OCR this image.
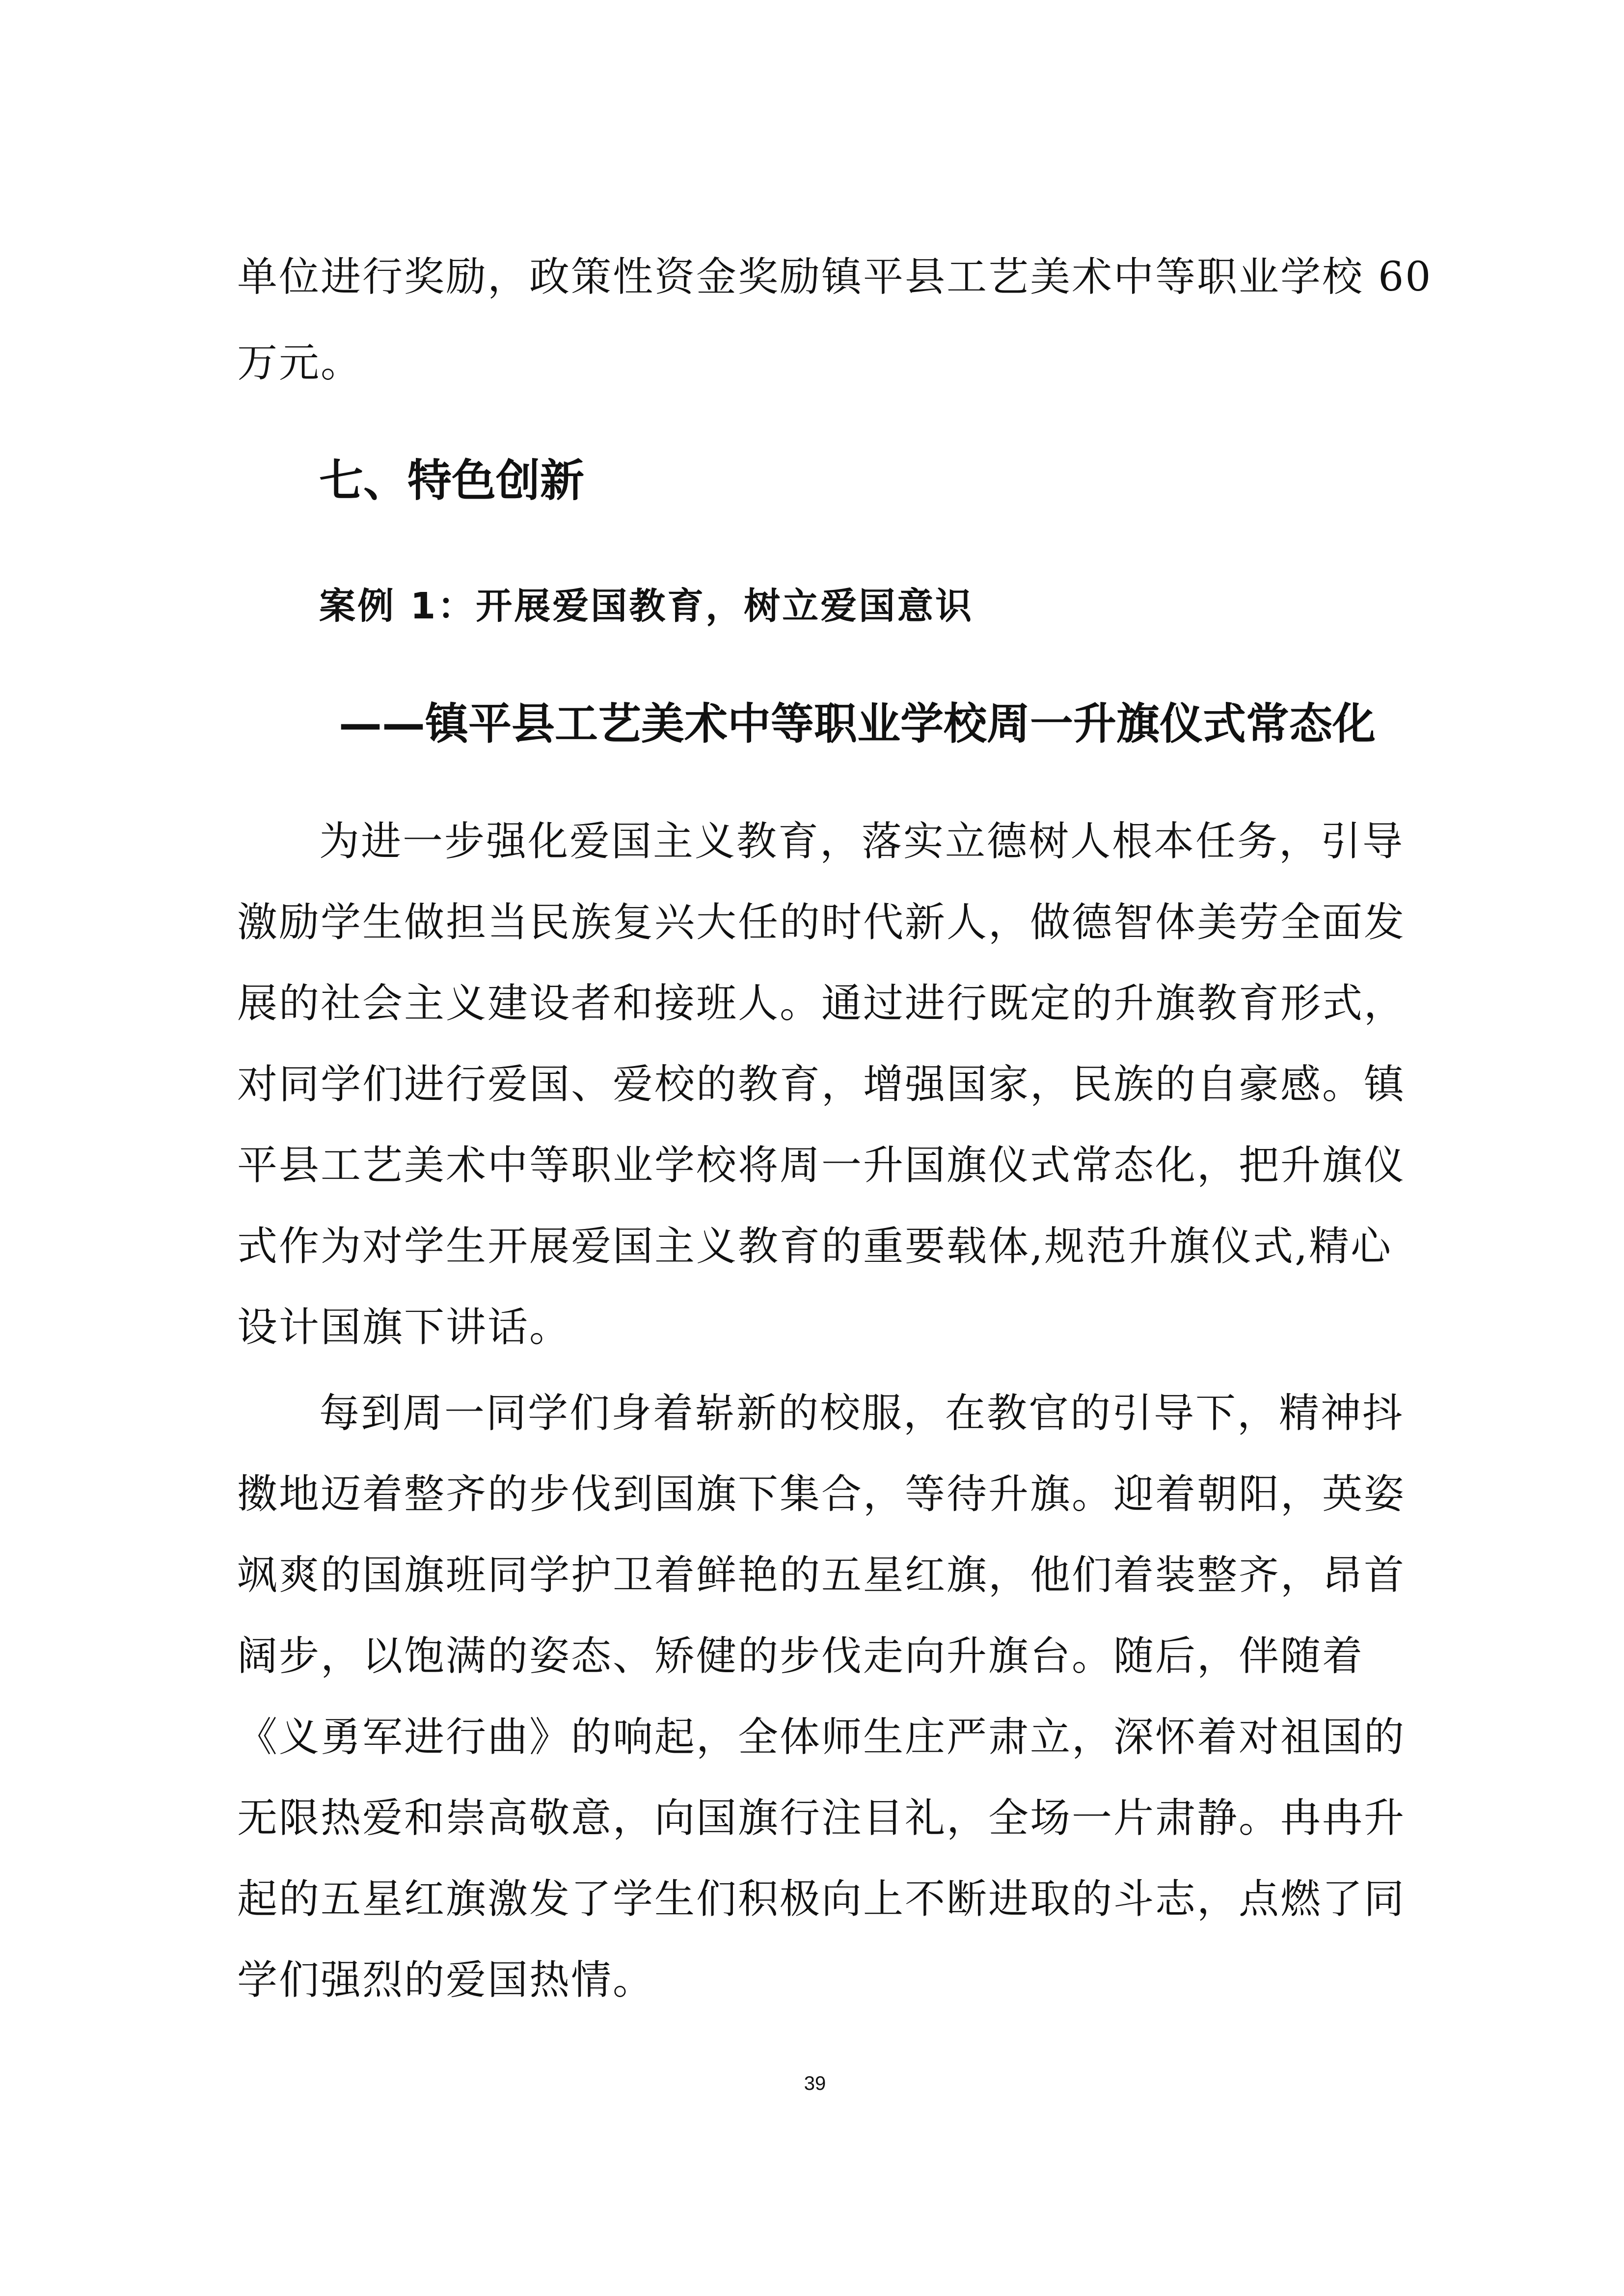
单位进行奖励，政策性资金奖励镇平县工艺美术中等职业学校 60
万元。
七、特色创新
案例 1：开展爱国教育，树立爱国意识
——镇平县工艺美术中等职业学校周一升旗仪式常态化
为进一步强化爱国主义教育，落实立德树人根本任务，引导
激励学生做担当民族复兴大任的时代新人，做德智体美劳全面发
展的社会主义建设者和接班人。通过进行既定的升旗教育形式，
对同学们进行爱国、爱校的教育，增强国家，民族的自豪感。镇
平县工艺美术中等职业学校将周一升国旗仪式常态化，把升旗仪
式作为对学生开展爱国主义教育的重要载体,规范升旗仪式,精心
设计国旗下讲话。
每到周一同学们身着崭新的校服，在教官的引导下，精神抖
擞地迈着整齐的步伐到国旗下集合，等待升旗。迎着朝阳，英姿
飒爽的国旗班同学护卫着鲜艳的五星红旗，他们着装整齐，昂首
阔步，以饱满的姿态、矫健的步伐走向升旗台。随后，伴随着
《义勇军进行曲》的响起，全体师生庄严肃立，深怀着对祖国的
无限热爱和崇高敬意，向国旗行注目礼，全场一片肃静。冉冉升
起的五星红旗激发了学生们积极向上不断进取的斗志，点燃了同
学们强烈的爱国热情。
39
